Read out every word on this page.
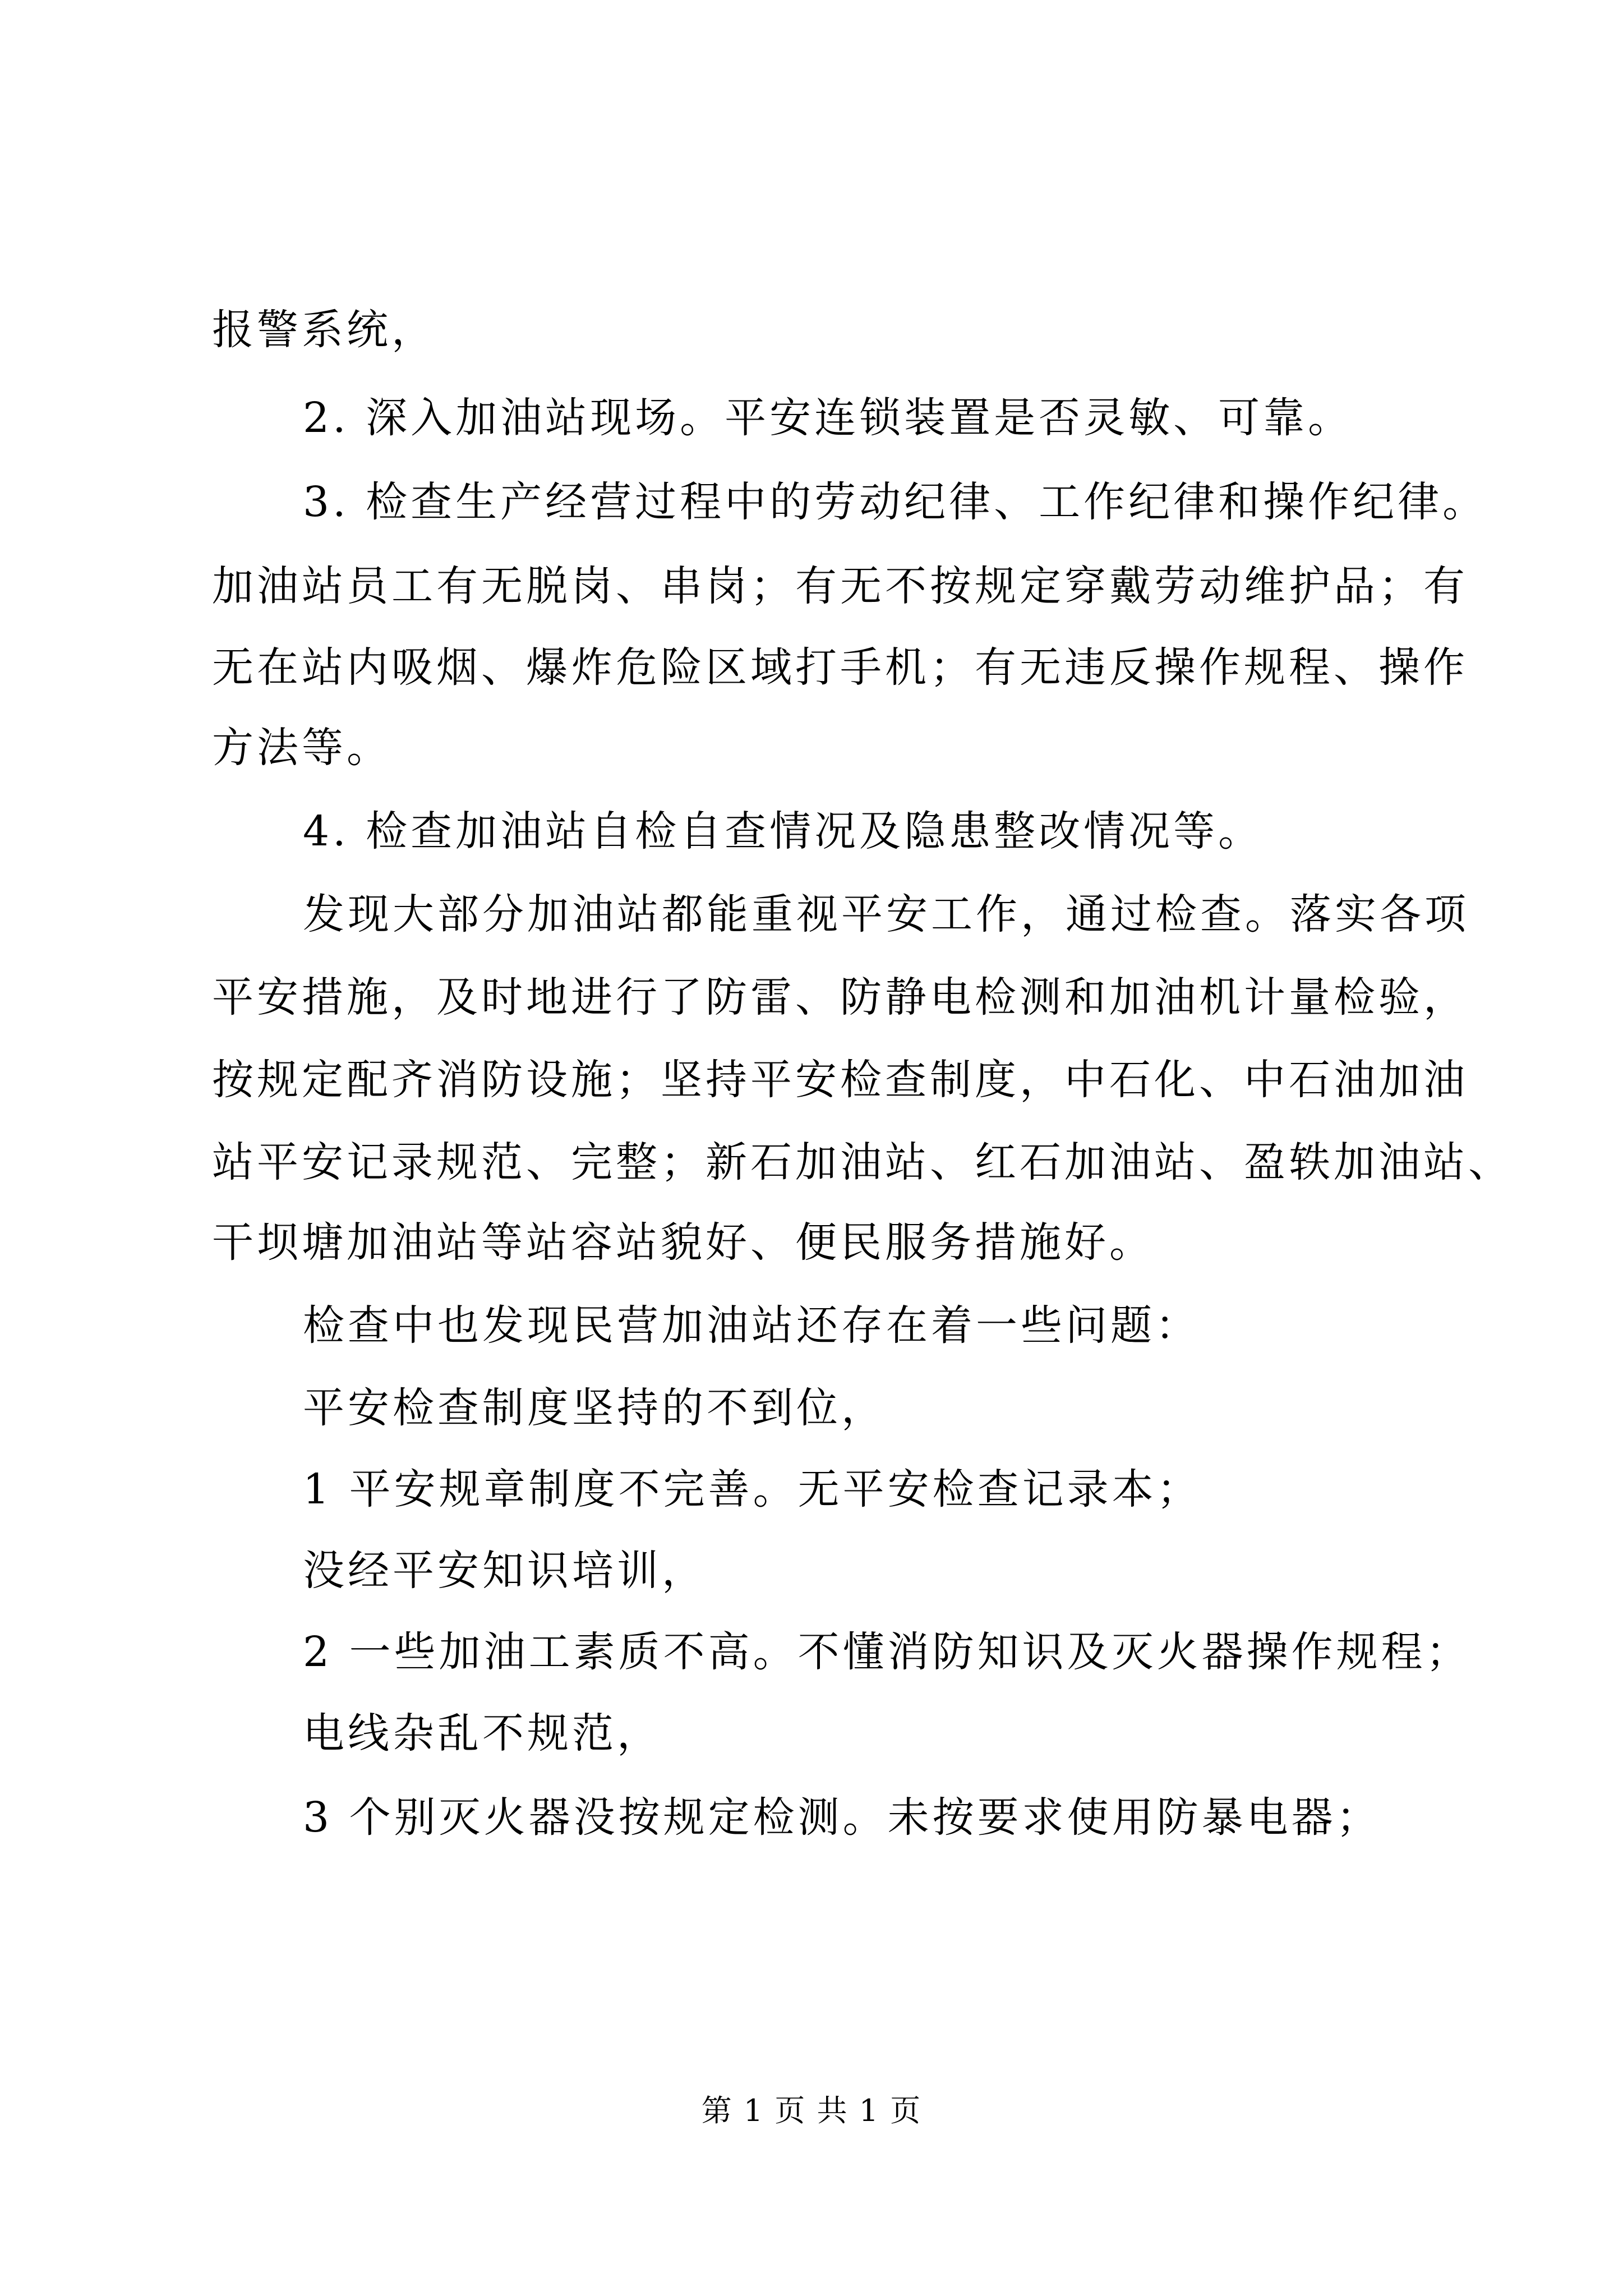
报警系统，
2. 深入加油站现场。平安连锁装置是否灵敏、可靠。
3. 检查生产经营过程中的劳动纪律、工作纪律和操作纪律。
加油站员工有无脱岗、串岗；有无不按规定穿戴劳动维护品；有
无在站内吸烟、爆炸危险区域打手机；有无违反操作规程、操作
方法等。
4. 检查加油站自检自查情况及隐患整改情况等。
发现大部分加油站都能重视平安工作，通过检查。落实各项
平安措施，及时地进行了防雷、防静电检测和加油机计量检验，
按规定配齐消防设施；坚持平安检查制度，中石化、中石油加油
站平安记录规范、完整；新石加油站、红石加油站、盈轶加油站、
干坝塘加油站等站容站貌好、便民服务措施好。
检查中也发现民营加油站还存在着一些问题：
平安检查制度坚持的不到位，
1 平安规章制度不完善。无平安检查记录本；
没经平安知识培训，
2 一些加油工素质不高。不懂消防知识及灭火器操作规程；
电线杂乱不规范，
3 个别灭火器没按规定检测。未按要求使用防暴电器；
第 1 页 共 1 页
